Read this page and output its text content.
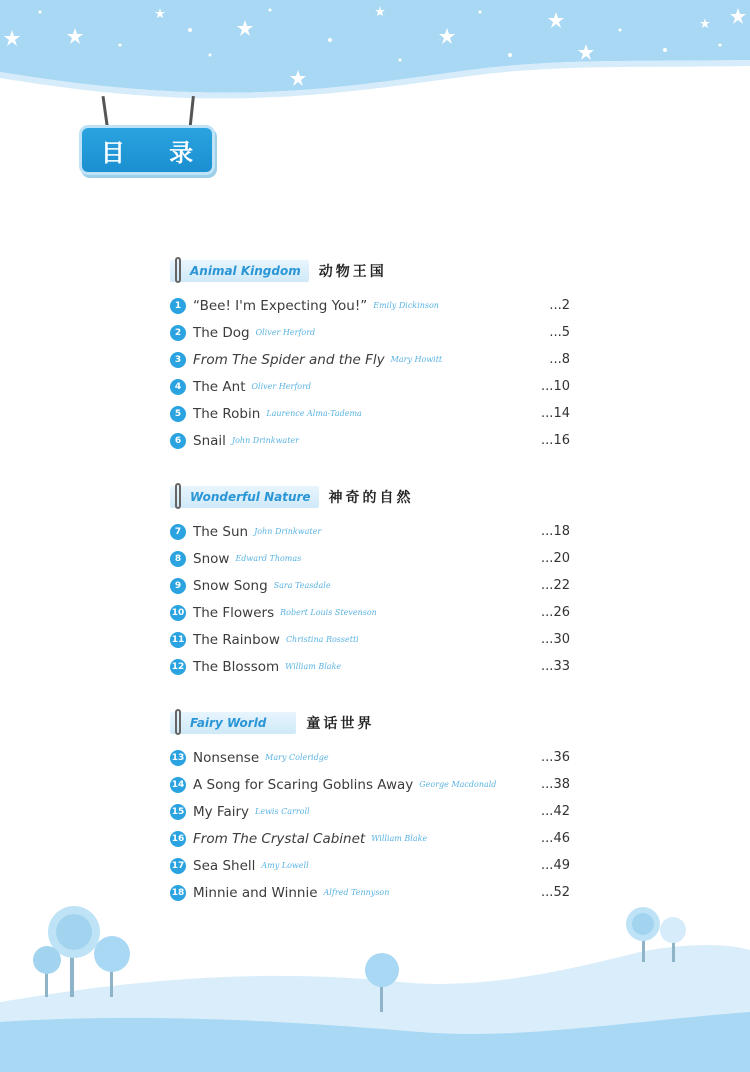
目 录
Animal Kingdom 动物王国
1 “Bee! I'm Expecting You!” Emily Dickinson	...2
2 The Dog Oliver Herford	...5
3 From The Spider and the Fly Mary Howitt	...8
4 The Ant Oliver Herford	...10
5 The Robin Laurence Alma-Tadema	...14
6 Snail John Drinkwater	...16
Wonderful Nature 神奇的自然
7 The Sun John Drinkwater	...18
8 Snow Edward Thomas	...20
9 Snow Song Sara Teasdale	...22
10 The Flowers Robert Louis Stevenson	...26
11 The Rainbow Christina Rossetti	...30
12 The Blossom William Blake	...33
Fairy World	童话世界
13 Nonsense Mary Coleridge	...36
14 A Song for Scaring Goblins Away George Macdonald	...38
15 My Fairy Lewis Carroll	...42
16 From The Crystal Cabinet William Blake	...46
17 Sea Shell Amy Lowell	...49
18 Minnie and Winnie Alfred Tennyson	...52
